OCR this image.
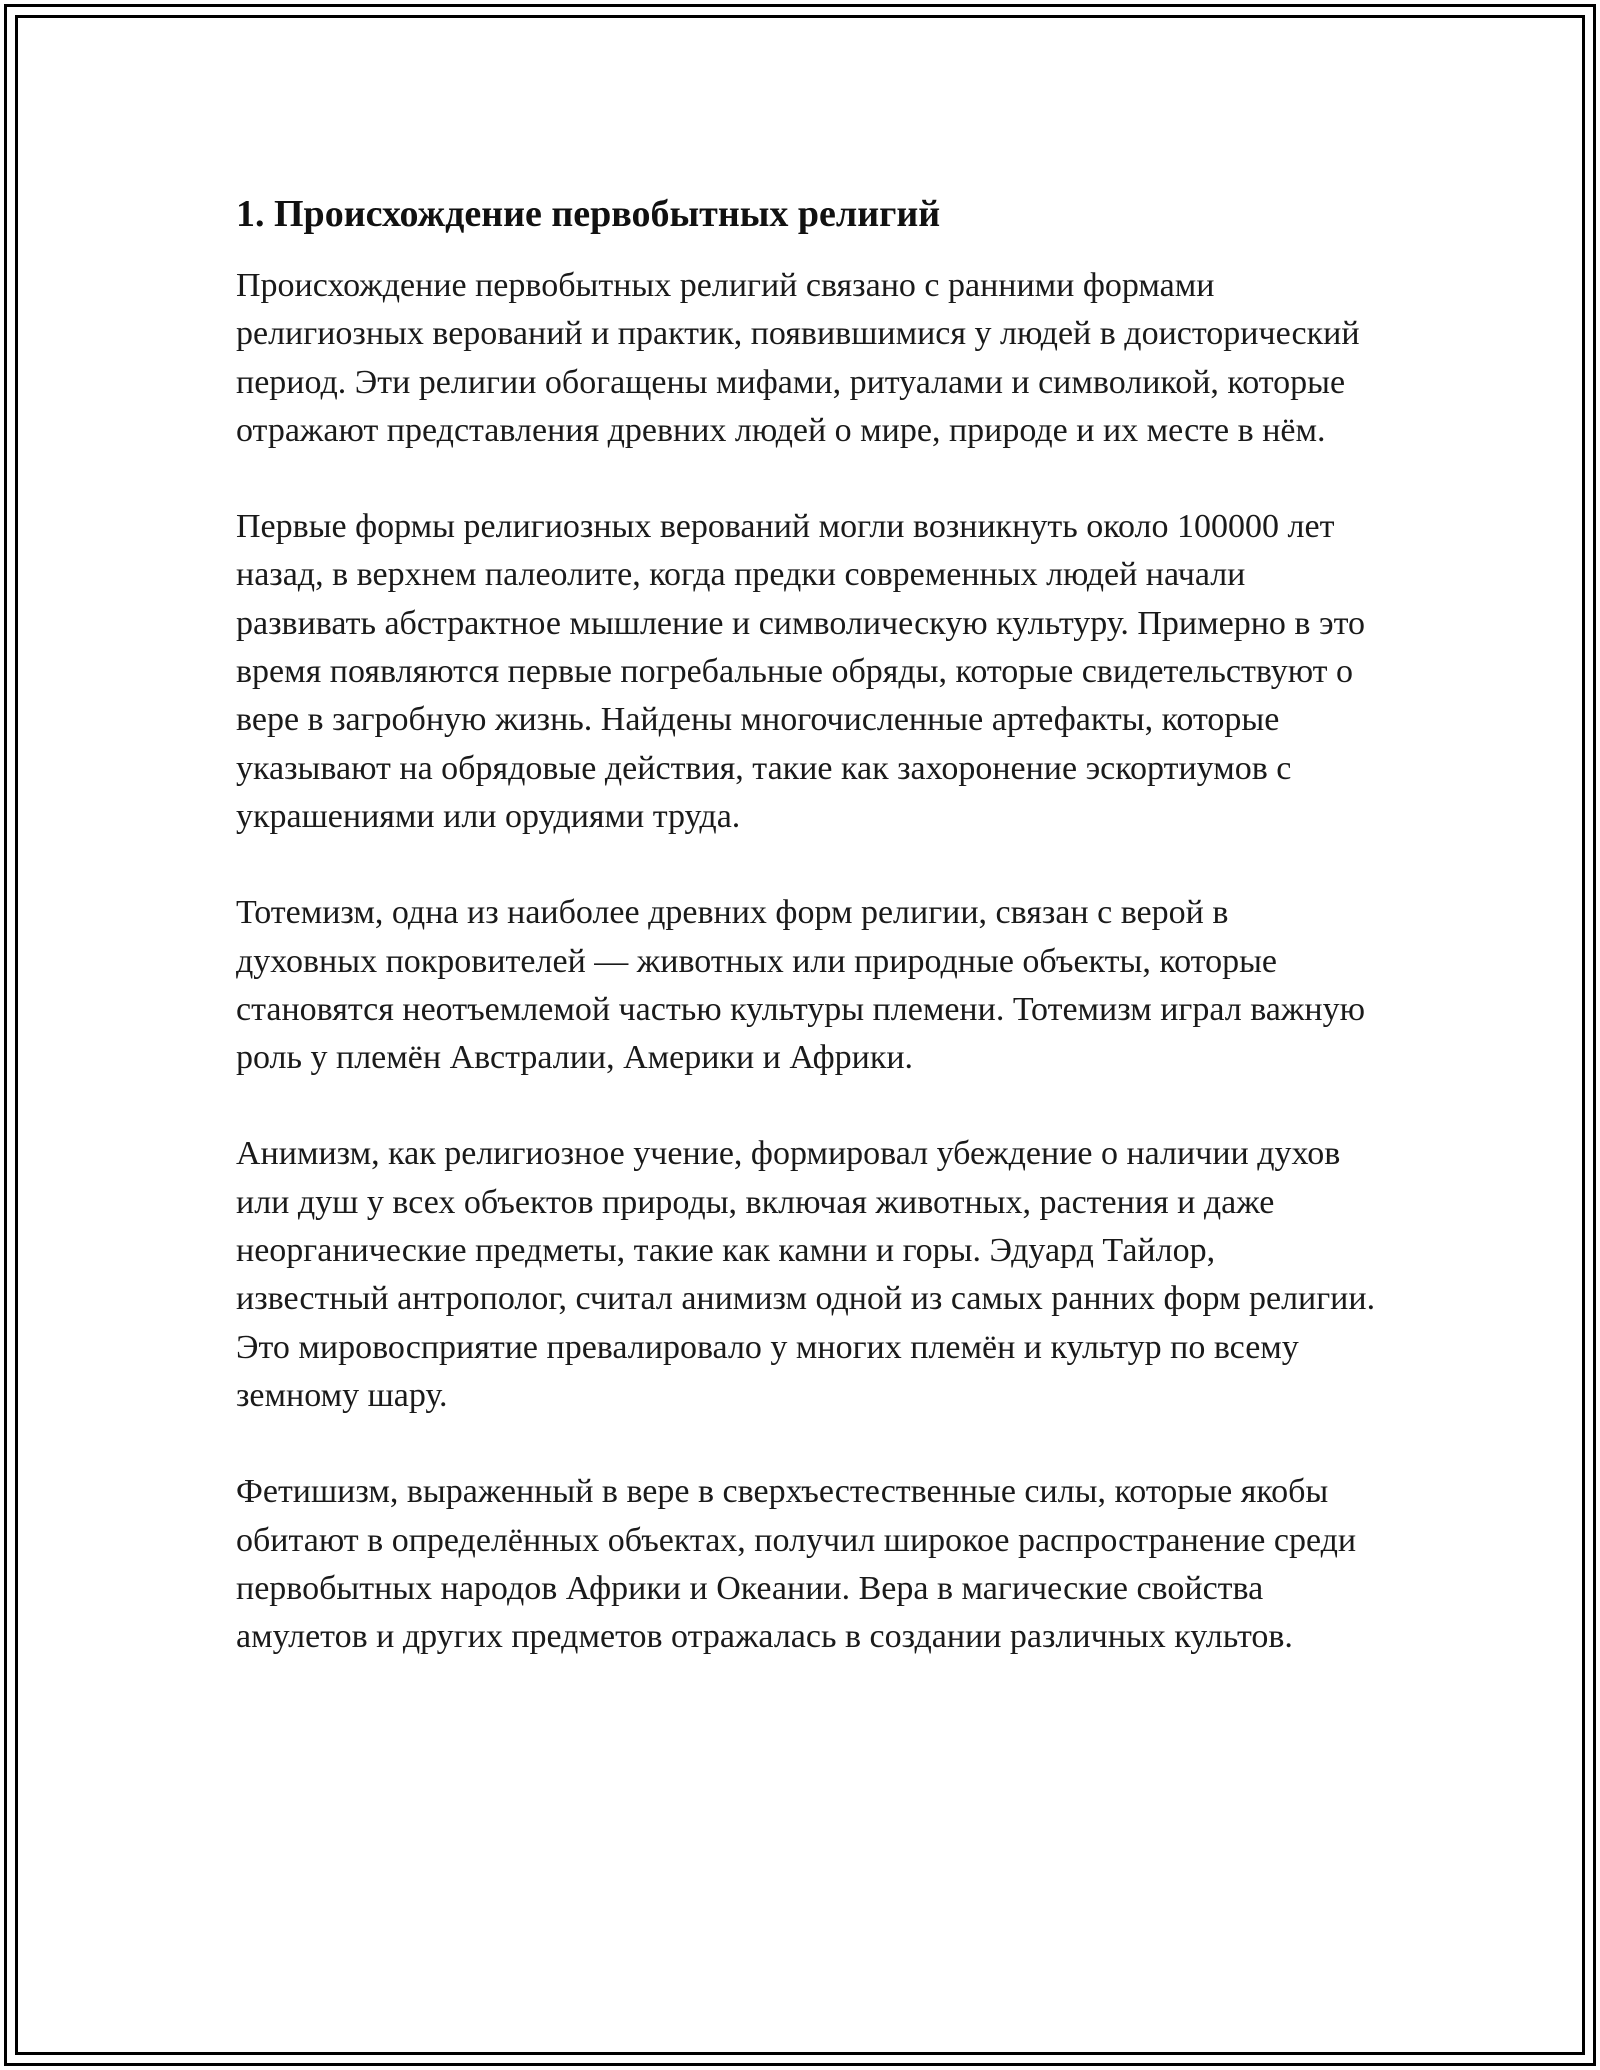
1. Происхождение первобытных религий

Происхождение первобытных религий связано с ранними формами религиозных верований и практик, появившимися у людей в доисторический период. Эти религии обогащены мифами, ритуалами и символикой, которые отражают представления древних людей о мире, природе и их месте в нём.

Первые формы религиозных верований могли возникнуть около 100000 лет назад, в верхнем палеолите, когда предки современных людей начали развивать абстрактное мышление и символическую культуру. Примерно в это время появляются первые погребальные обряды, которые свидетельствуют о вере в загробную жизнь. Найдены многочисленные артефакты, которые указывают на обрядовые действия, такие как захоронение эскортиумов с украшениями или орудиями труда.

Тотемизм, одна из наиболее древних форм религии, связан с верой в духовных покровителей — животных или природные объекты, которые становятся неотъемлемой частью культуры племени. Тотемизм играл важную роль у племён Австралии, Америки и Африки.

Анимизм, как религиозное учение, формировал убеждение о наличии духов или душ у всех объектов природы, включая животных, растения и даже неорганические предметы, такие как камни и горы. Эдуард Тайлор, известный антрополог, считал анимизм одной из самых ранних форм религии. Это мировосприятие превалировало у многих племён и культур по всему земному шару.

Фетишизм, выраженный в вере в сверхъестественные силы, которые якобы обитают в определённых объектах, получил широкое распространение среди первобытных народов Африки и Океании. Вера в магические свойства амулетов и других предметов отражалась в создании различных культов.
